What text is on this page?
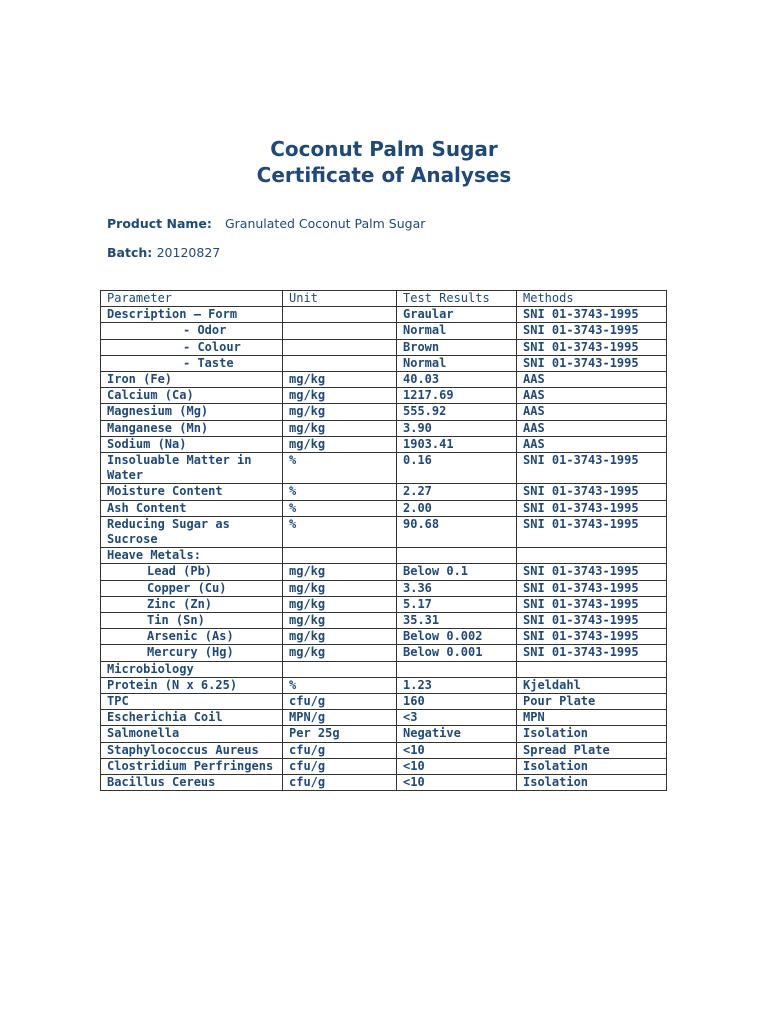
Coconut Palm Sugar
Certificate of Analyses
Product Name: Granulated Coconut Palm Sugar
Batch: 20120827
Parameter	Unit	Test Results	Methods
Description – Form		Graular	SNI 01-3743-1995
- Odor		Normal	SNI 01-3743-1995
- Colour		Brown	SNI 01-3743-1995
- Taste		Normal	SNI 01-3743-1995
Iron (Fe)	mg/kg	40.03	AAS
Calcium (Ca)	mg/kg	1217.69	AAS
Magnesium (Mg)	mg/kg	555.92	AAS
Manganese (Mn)	mg/kg	3.90	AAS
Sodium (Na)	mg/kg	1903.41	AAS
Insoluable Matter in Water	%	0.16	SNI 01-3743-1995
Moisture Content	%	2.27	SNI 01-3743-1995
Ash Content	%	2.00	SNI 01-3743-1995
Reducing Sugar as Sucrose	%	90.68	SNI 01-3743-1995
Heave Metals:			
Lead (Pb)	mg/kg	Below 0.1	SNI 01-3743-1995
Copper (Cu)	mg/kg	3.36	SNI 01-3743-1995
Zinc (Zn)	mg/kg	5.17	SNI 01-3743-1995
Tin (Sn)	mg/kg	35.31	SNI 01-3743-1995
Arsenic (As)	mg/kg	Below 0.002	SNI 01-3743-1995
Mercury (Hg)	mg/kg	Below 0.001	SNI 01-3743-1995
Microbiology			
Protein (N x 6.25)	%	1.23	Kjeldahl
TPC	cfu/g	160	Pour Plate
Escherichia Coil	MPN/g	<3	MPN
Salmonella	Per 25g	Negative	Isolation
Staphylococcus Aureus	cfu/g	<10	Spread Plate
Clostridium Perfringens	cfu/g	<10	Isolation
Bacillus Cereus	cfu/g	<10	Isolation
